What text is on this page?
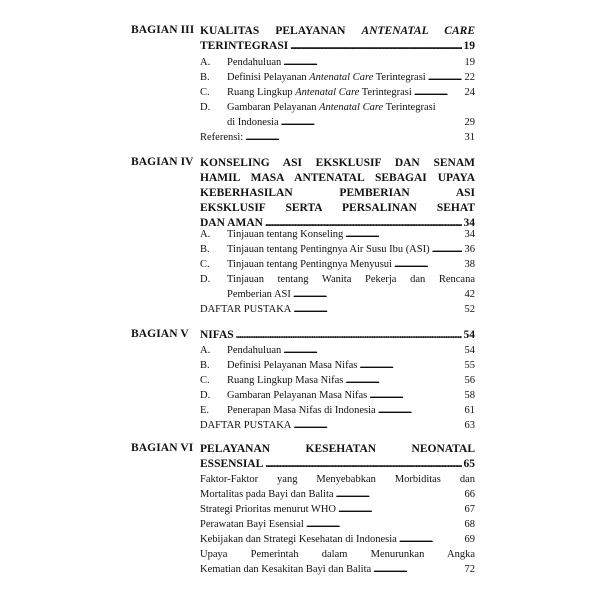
BAGIAN III KUALITAS PELAYANAN ANTENATAL CARE
TERINTEGRASI . . .	19
A.	Pendahuluan . . .	19
B.	Definisi Pelayanan Antenatal Care Terintegrasi . . .	22
C.	Ruang Lingkup Antenatal Care Terintegrasi . . .	24
D.	Gambaran Pelayanan Antenatal Care Terintegrasi
di Indonesia . . .	29
Referensi: . . .	31
BAGIAN IV KONSELING ASI EKSKLUSIF DAN SENAM
HAMIL MASA ANTENATAL SEBAGAI UPAYA
KEBERHASILAN PEMBERIAN ASI
EKSKLUSIF SERTA PERSALINAN SEHAT
DAN AMAN . . .	34
A.	Tinjauan tentang Konseling . . .	34
B.	Tinjauan tentang Pentingnya Air Susu Ibu (ASI) . . .	36
C.	Tinjauan tentang Pentingnya Menyusui . . .	38
D.	Tinjauan tentang Wanita Pekerja dan Rencana
Pemberian ASI . . .	42
DAFTAR PUSTAKA . . .	52
BAGIAN V NIFAS . . .	54
A.	Pendahuluan . . .	54
B.	Definisi Pelayanan Masa Nifas . . .	55
C.	Ruang Lingkup Masa Nifas . . .	56
D.	Gambaran Pelayanan Masa Nifas . . .	58
E.	Penerapan Masa Nifas di Indonesia . . .	61
DAFTAR PUSTAKA . . .	63
BAGIAN VI PELAYANAN KESEHATAN NEONATAL
ESSENSIAL . . .	65
Faktor-Faktor yang Menyebabkan Morbiditas dan
Mortalitas pada Bayi dan Balita . . .	66
Strategi Prioritas menurut WHO . . .	67
Perawatan Bayi Esensial . . .	68
Kebijakan dan Strategi Kesehatan di Indonesia . . .	69
Upaya Pemerintah dalam Menurunkan Angka
Kematian dan Kesakitan Bayi dan Balita . . .	72
